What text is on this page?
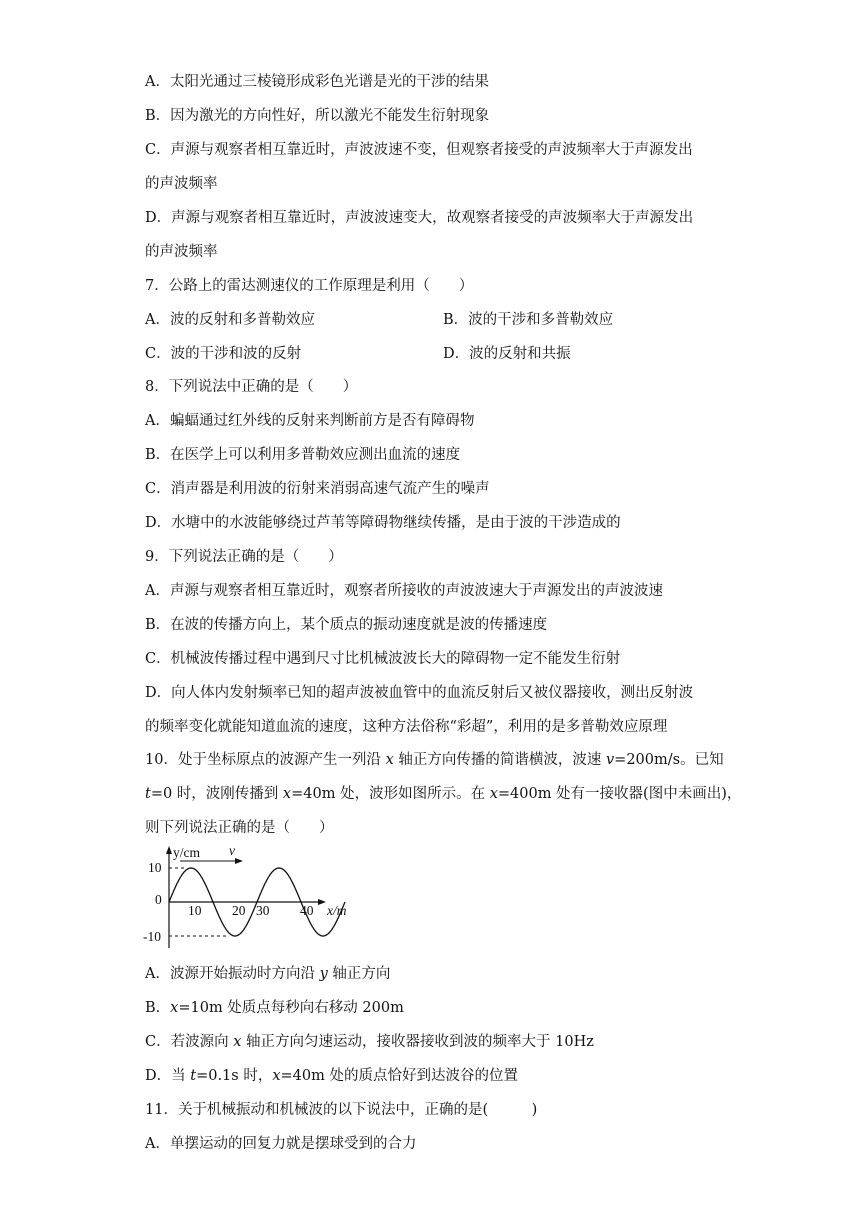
A．太阳光通过三棱镜形成彩色光谱是光的干涉的结果
B．因为激光的方向性好，所以激光不能发生衍射现象
C．声源与观察者相互靠近时，声波波速不变，但观察者接受的声波频率大于声源发出
的声波频率
D．声源与观察者相互靠近时，声波波速变大，故观察者接受的声波频率大于声源发出
的声波频率
7．公路上的雷达测速仪的工作原理是利用（　　）
A．波的反射和多普勒效应	B．波的干涉和多普勒效应
C．波的干涉和波的反射	D．波的反射和共振
8．下列说法中正确的是（　　）
A．蝙蝠通过红外线的反射来判断前方是否有障碍物
B．在医学上可以利用多普勒效应测出血流的速度
C．消声器是利用波的衍射来消弱高速气流产生的噪声
D．水塘中的水波能够绕过芦苇等障碍物继续传播，是由于波的干涉造成的
9．下列说法正确的是（　　）
A．声源与观察者相互靠近时，观察者所接收的声波波速大于声源发出的声波波速
B．在波的传播方向上，某个质点的振动速度就是波的传播速度
C．机械波传播过程中遇到尺寸比机械波波长大的障碍物一定不能发生衍射
D．向人体内发射频率已知的超声波被血管中的血流反射后又被仪器接收，测出反射波
的频率变化就能知道血流的速度，这种方法俗称“彩超”，利用的是多普勒效应原理
10．处于坐标原点的波源产生一列沿 x 轴正方向传播的简谐横波，波速 v=200m/s。已知
t=0 时，波刚传播到 x=40m 处，波形如图所示。在 x=400m 处有一接收器(图中未画出)，
则下列说法正确的是（　　）
y/cm v
x/m
10
0
-10
10 20 30 40
A．波源开始振动时方向沿 y 轴正方向
B．x=10m 处质点每秒向右移动 200m
C．若波源向 x 轴正方向匀速运动，接收器接收到波的频率大于 10Hz
D．当 t=0.1s 时，x=40m 处的质点恰好到达波谷的位置
11．关于机械振动和机械波的以下说法中，正确的是(　　　)
A．单摆运动的回复力就是摆球受到的合力
